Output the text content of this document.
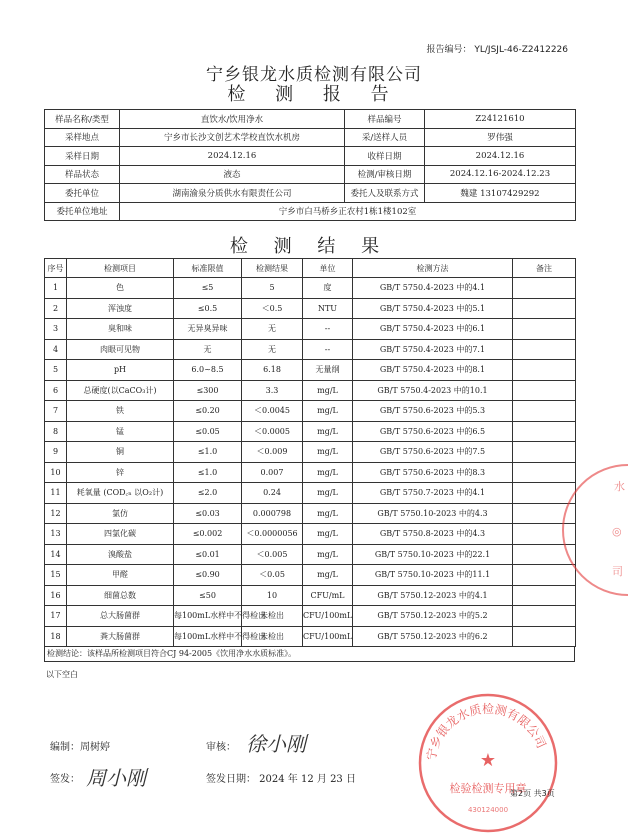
报告编号： YL/JSJL-46-Z2412226
宁乡银龙水质检测有限公司
检 测 报 告
样品名称/类型	直饮水/饮用净水	样品编号	Z24121610
采样地点	宁乡市长沙文创艺术学校直饮水机房	采/送样人员	罗伟强
采样日期	2024.12.16	收样日期	2024.12.16
样品状态	液态	检测/审核日期	2024.12.16-2024.12.23
委托单位	湖南渝泉分质供水有限责任公司	委托人及联系方式	魏建 13107429292
委托单位地址	宁乡市白马桥乡正农村1栋1楼102室		
检 测 结 果
序号	检测项目	标准限值	检测结果	单位	检测方法	备注
1	色	≤5	5	度	GB/T 5750.4-2023 中的4.1	
2	浑浊度	≤0.5	＜0.5	NTU	GB/T 5750.4-2023 中的5.1	
3	臭和味	无异臭异味	无	--	GB/T 5750.4-2023 中的6.1	
4	肉眼可见物	无	无	--	GB/T 5750.4-2023 中的7.1	
5	pH	6.0~8.5	6.18	无量纲	GB/T 5750.4-2023 中的8.1	
6	总硬度(以CaCO₃计)	≤300	3.3	mg/L	GB/T 5750.4-2023 中的10.1	
7	铁	≤0.20	＜0.0045	mg/L	GB/T 5750.6-2023 中的5.3	
8	锰	≤0.05	＜0.0005	mg/L	GB/T 5750.6-2023 中的6.5	
9	铜	≤1.0	＜0.009	mg/L	GB/T 5750.6-2023 中的7.5	
10	锌	≤1.0	0.007	mg/L	GB/T 5750.6-2023 中的8.3	
11	耗氧量 (COD꜀ₙ 以O₂计)	≤2.0	0.24	mg/L	GB/T 5750.7-2023 中的4.1	
12	氯仿	≤0.03	0.000798	mg/L	GB/T 5750.10-2023 中的4.3	
13	四氯化碳	≤0.002	＜0.0000056	mg/L	GB/T 5750.8-2023 中的4.3	
14	溴酸盐	≤0.01	＜0.005	mg/L	GB/T 5750.10-2023 中的22.1	
15	甲醛	≤0.90	＜0.05	mg/L	GB/T 5750.10-2023 中的11.1	
16	细菌总数	≤50	10	CFU/mL	GB/T 5750.12-2023 中的4.1	
17	总大肠菌群	每100mL水样中不得检出	未检出	CFU/100mL	GB/T 5750.12-2023 中的5.2	
18	粪大肠菌群	每100mL水样中不得检出	未检出	CFU/100mL	GB/T 5750.12-2023 中的6.2	
检测结论：该样品所检测项目符合CJ 94-2005《饮用净水水质标准》。
以下空白
编制：周树婷	审核： 徐小刚
签发： 周小刚	签发日期： 2024 年 12 月 23 日
宁乡银龙水质检测有限公司
★
检验检测专用章
430124000
水
◎
司
第2页 共3页
